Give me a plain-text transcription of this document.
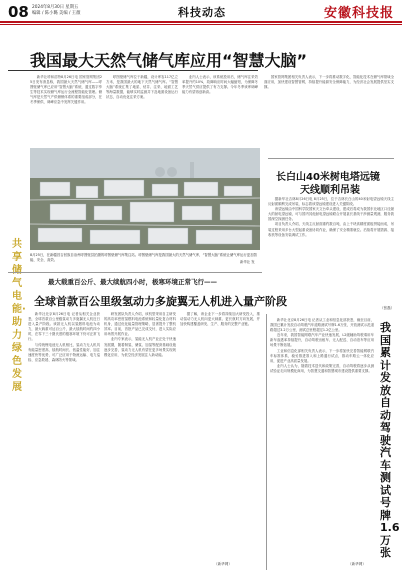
08 2024年8月30日 星期五
编辑 / 陈小璐 美编 / 王薇	科技动态	安徽科技报
我国最大天然气储气库应用“智慧大脑”

新华社呼和浩特8月26日电 国家管网集团25日发布消息称，我国最大天然气储气库——呼图壁储气库已应用“智慧大脑”系统，通过数字孪生等技术实现储气库运行全流程智能化管理。储气库是天然气产供储销体系的重要组成部分，在冬季保供、调峰应急中发挥关键作用。

呼图壁储气库位于新疆，设计库容117亿立方米，是我国最大的地下天然气储气库。“智慧大脑”系统汇集了地质、钻井、注采、地面工艺等海量数据，能够实时监测井下及地面设备运行状态，自动优化注采方案。

业内人士表示，该系统投用后，储气库注采效率提升约10%，故障响应时间大幅缩短，为保障冬季天然气供应提供了有力支撑。今年冬季该库调峰能力有望再创新高。

国家管网集团相关负责人表示，下一步将推动数字化、智能化技术在储气库领域全面应用，加快建设智慧管网，持续提升能源安全保障能力，为经济社会发展提供坚实支撑。

共享储气电能·助力绿色发展
8月25日，在新疆昌吉回族自治州呼图壁县拍摄的呼图壁储气库集注站。呼图壁储气库是我国最大的天然气储气库，“智慧大脑”系统让储气库运行更加智能、安全、高效。	新华社 发
长白山40米树电塔远镜
天线顺利吊装

据新华社吉林8月26日电 8月25日，位于吉林长白山的40米射电望远镜天线主反射面顺利完成吊装，标志着该望远镜建设进入关键阶段。

该望远镜由中国科学院国家天文台牵头建设，建成后将成为我国东北地区口径最大的射电望远镜，可与国内其他射电望远镜联合开展甚长基线干涉测量观测，服务我国深空探测任务。

项目负责人介绍，天线主反射面重约数百吨，由上千块高精度面板拼接而成，吊装过程采用多台大型起重设备协同作业，确保了安全精准就位。后续将开展馈源、接收机等设备安装调试工作。

（张磊）
最大载重百公斤、最大续航四小时，极寒环境正常飞行——
全球首款百公里级氢动力多旋翼无人机进入量产阶段

新华社北京8月26日电 记者从相关企业获悉，全球首款百公里级氢动力多旋翼无人机近日进入量产阶段。该款无人机以氢燃料电池为动力，最大载重可达百公斤，最大续航时间约四小时，在零下三十摄氏度的极寒环境下仍可正常飞行。

与传统锂电池无人机相比，氢动力无人机具有能量密度高、续航时间长、低温性能好、加注速度快等优势，可广泛应用于物流运输、电力巡检、应急救援、森林防火等领域。

研发团队负责人介绍，该机型采用自主研发的高功率密度氢燃料电池系统和轻量化复合材料机身，通过优化能量管理策略，显著提升了整机效率。目前，首批产品已完成交付，进入实际应用场景开展作业。

业内专家表示，氢能无人机产业正处于快速发展期，随着制氢、储氢、加氢等配套基础设施逐步完善，氢动力无人机有望在更多场景实现规模化应用，为低空经济发展注入新动能。

据了解，该企业下一步将持续加大研发投入，推动氢动力无人机向更大载重、更长航时方向发展，并加快构建覆盖研发、生产、服务的完整产业链。

（新华网）

新华社北京8月26日电 记者从工业和信息化部获悉，截至目前，我国已累计发放自动驾驶汽车道路测试号牌1.6万张，开放测试示范道路超过3.2万公里，测试总里程超过1.2亿公里。

近年来，我国智能网联汽车产业快速发展，L2级辅助驾驶乘用车新车渗透率持续提升，自动驾驶出租车、无人配送、自动泊车等应用场景不断拓展。

工业和信息化部相关负责人表示，下一步将加快完善智能网联汽车标准体系，稳妥推进准入和上路通行试点，推动车路云一体化应用，促进产业高质量发展。

业内人士认为，随着技术迭代和政策完善，自动驾驶将逐步从测试验证走向规模化商用，为智慧交通和智慧城市建设提供重要支撑。

我国累计发放自动驾驶汽车测试号牌1.6万张
（新华网）
